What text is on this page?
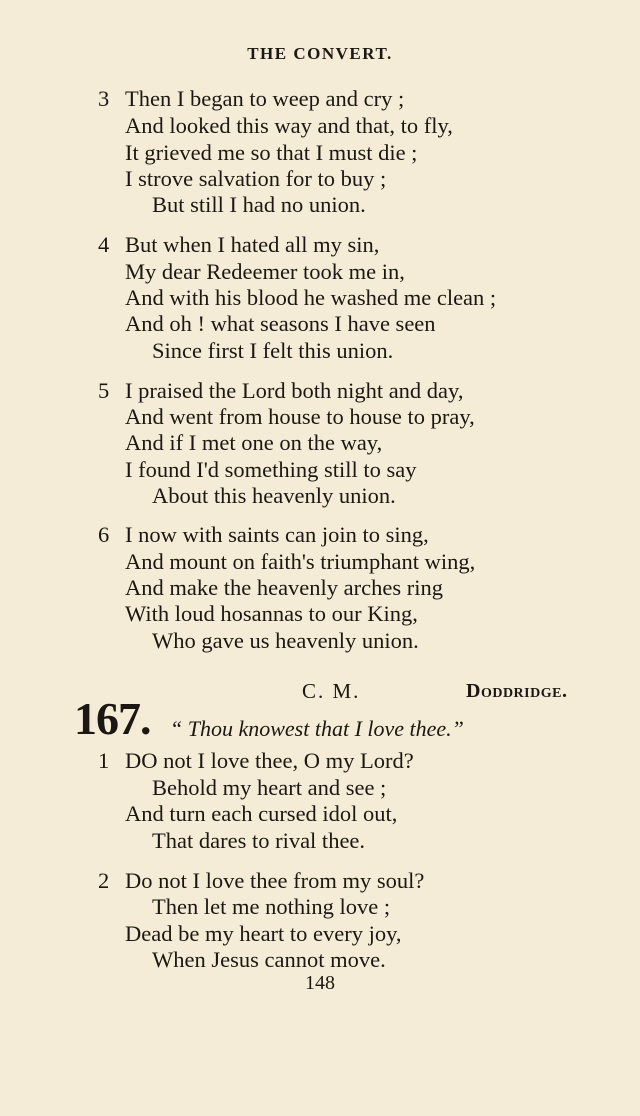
THE CONVERT.
3 Then I began to weep and cry ;
And looked this way and that, to fly,
It grieved me so that I must die ;
I strove salvation for to buy ;
But still I had no union.
4 But when I hated all my sin,
My dear Redeemer took me in,
And with his blood he washed me clean ;
And oh ! what seasons I have seen
Since first I felt this union.
5 I praised the Lord both night and day,
And went from house to house to pray,
And if I met one on the way,
I found I'd something still to say
About this heavenly union.
6 I now with saints can join to sing,
And mount on faith's triumphant wing,
And make the heavenly arches ring
With loud hosannas to our King,
Who gave us heavenly union.
167.
C. M.	Doddridge.
“ Thou knowest that I love thee.”
1 DO not I love thee, O my Lord?
Behold my heart and see ;
And turn each cursed idol out,
That dares to rival thee.
2 Do not I love thee from my soul?
Then let me nothing love ;
Dead be my heart to every joy,
When Jesus cannot move.
148
